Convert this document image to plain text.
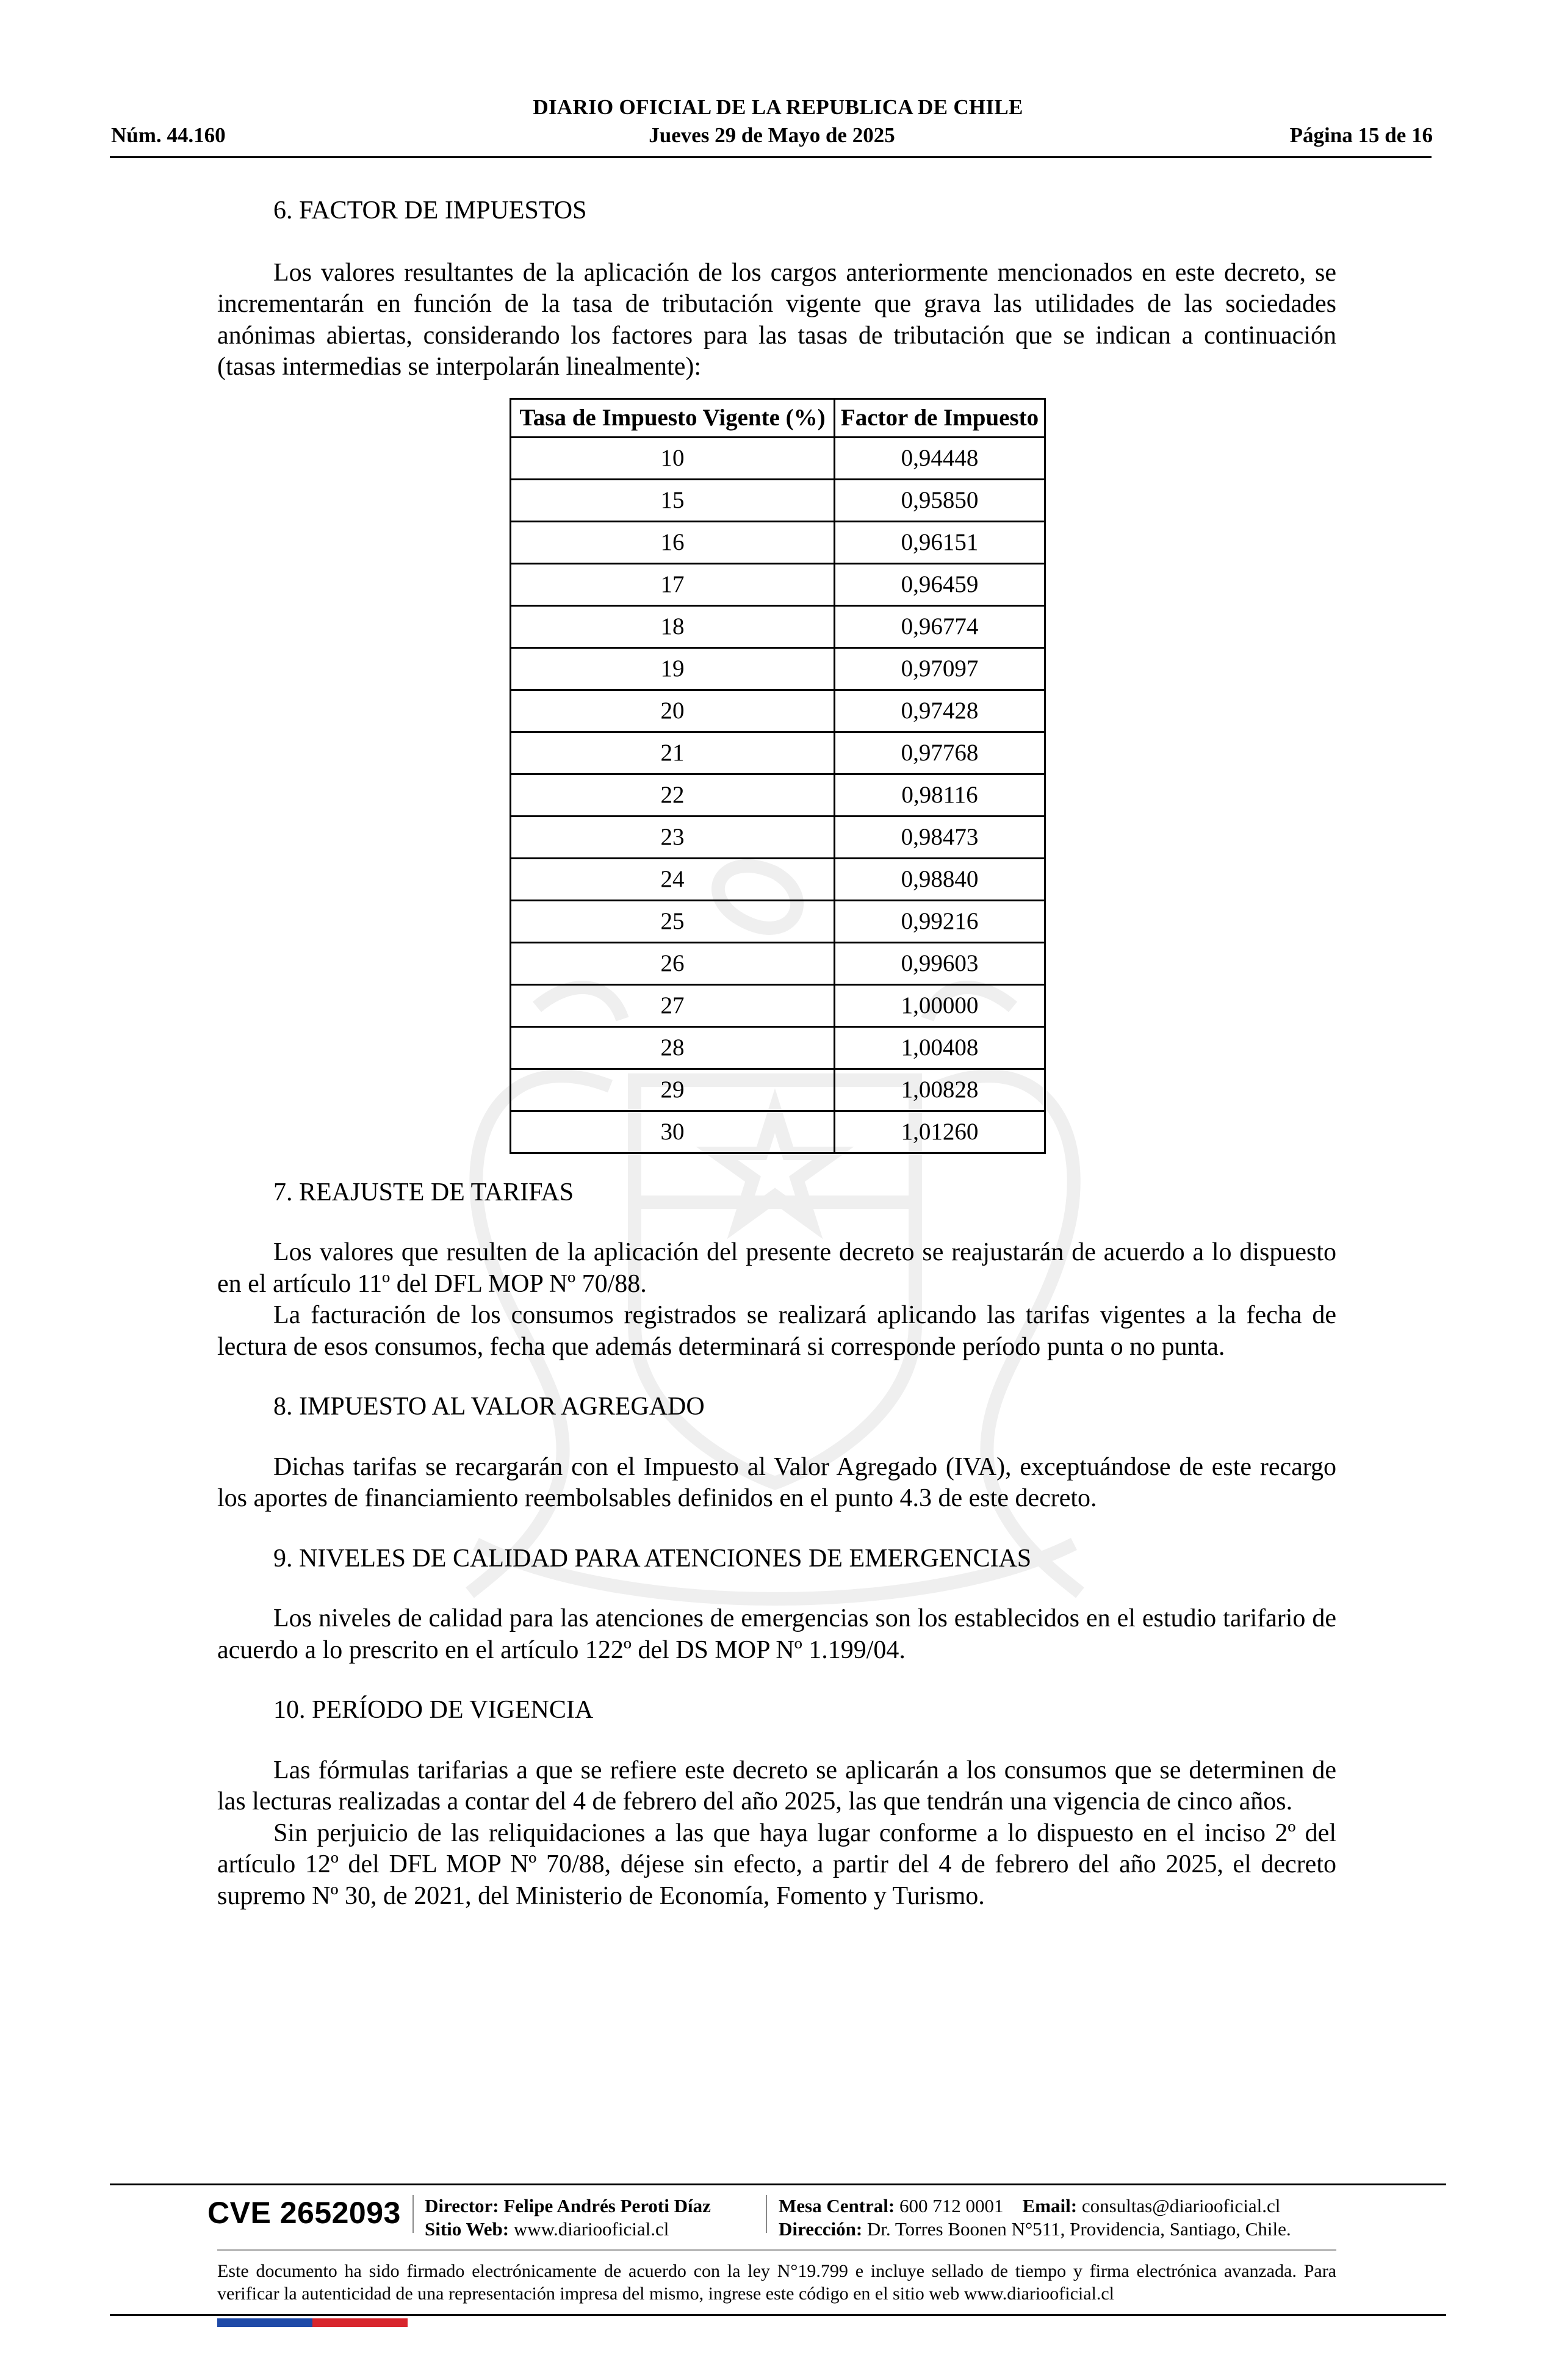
DIARIO OFICIAL DE LA REPUBLICA DE CHILE
Núm. 44.160	Jueves 29 de Mayo de 2025	Página 15 de 16

6. FACTOR DE IMPUESTOS

Los valores resultantes de la aplicación de los cargos anteriormente mencionados en este decreto, se incrementarán en función de la tasa de tributación vigente que grava las utilidades de las sociedades anónimas abiertas, considerando los factores para las tasas de tributación que se indican a continuación (tasas intermedias se interpolarán linealmente):

Tasa de Impuesto Vigente (%)	Factor de Impuesto
10	0,94448
15	0,95850
16	0,96151
17	0,96459
18	0,96774
19	0,97097
20	0,97428
21	0,97768
22	0,98116
23	0,98473
24	0,98840
25	0,99216
26	0,99603
27	1,00000
28	1,00408
29	1,00828
30	1,01260

7. REAJUSTE DE TARIFAS

Los valores que resulten de la aplicación del presente decreto se reajustarán de acuerdo a lo dispuesto en el artículo 11º del DFL MOP Nº 70/88.

La facturación de los consumos registrados se realizará aplicando las tarifas vigentes a la fecha de lectura de esos consumos, fecha que además determinará si corresponde período punta o no punta.

8. IMPUESTO AL VALOR AGREGADO

Dichas tarifas se recargarán con el Impuesto al Valor Agregado (IVA), exceptuándose de este recargo los aportes de financiamiento reembolsables definidos en el punto 4.3 de este decreto.

9. NIVELES DE CALIDAD PARA ATENCIONES DE EMERGENCIAS

Los niveles de calidad para las atenciones de emergencias son los establecidos en el estudio tarifario de acuerdo a lo prescrito en el artículo 122º del DS MOP Nº 1.199/04.

10. PERÍODO DE VIGENCIA

Las fórmulas tarifarias a que se refiere este decreto se aplicarán a los consumos que se determinen de las lecturas realizadas a contar del 4 de febrero del año 2025, las que tendrán una vigencia de cinco años.

Sin perjuicio de las reliquidaciones a las que haya lugar conforme a lo dispuesto en el inciso 2º del artículo 12º del DFL MOP Nº 70/88, déjese sin efecto, a partir del 4 de febrero del año 2025, el decreto supremo Nº 30, de 2021, del Ministerio de Economía, Fomento y Turismo.

CVE 2652093 Director: Felipe Andrés Peroti Díaz
Sitio Web: www.diariooficial.cl
Mesa Central: 600 712 0001 Email: consultas@diariooficial.cl
Dirección: Dr. Torres Boonen N°511, Providencia, Santiago, Chile.
Este documento ha sido firmado electrónicamente de acuerdo con la ley N°19.799 e incluye sellado de tiempo y firma electrónica avanzada. Para verificar la autenticidad de una representación impresa del mismo, ingrese este código en el sitio web www.diariooficial.cl
